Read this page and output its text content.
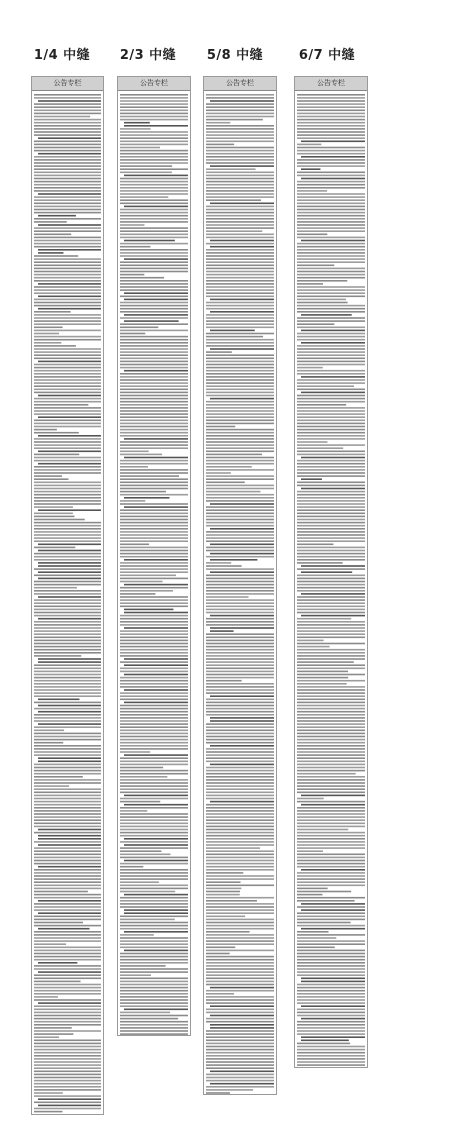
1/4 中缝	2/3 中缝	5/8 中缝	6/7 中缝
公告专栏	公告专栏	公告专栏	公告专栏
